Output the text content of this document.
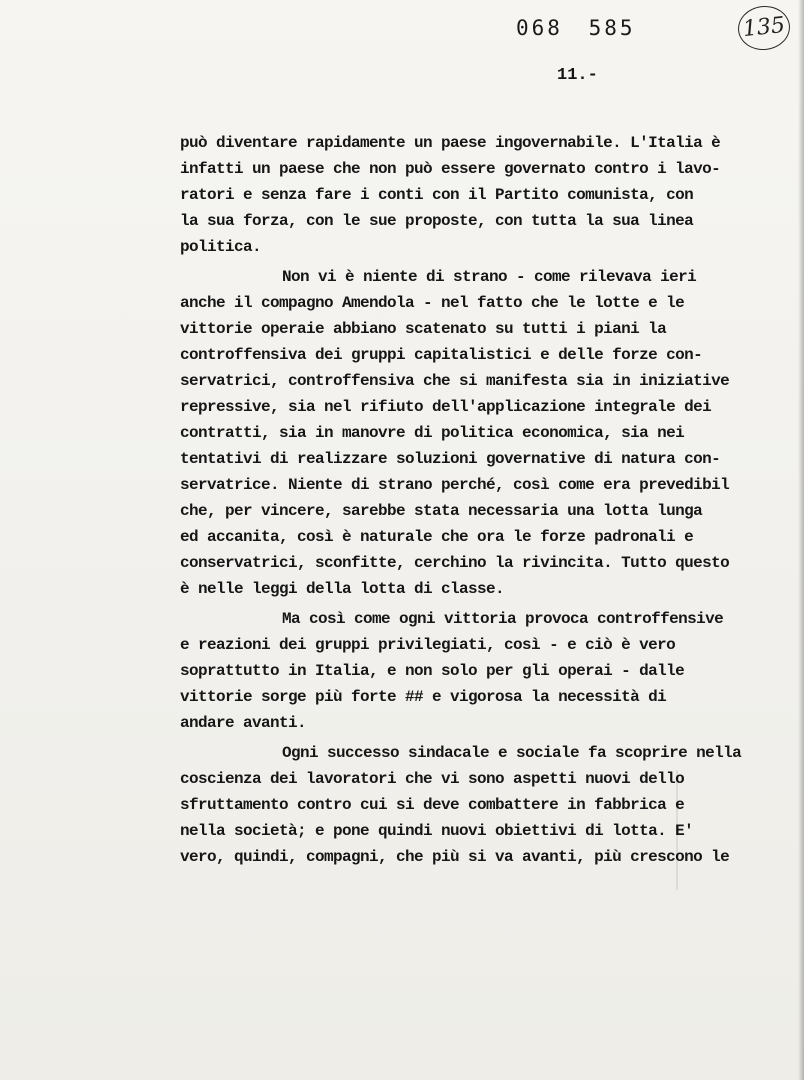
068 585	135
11.-
può diventare rapidamente un paese ingovernabile. L'Italia è
infatti un paese che non può essere governato contro i lavo-
ratori e senza fare i conti con il Partito comunista, con
la sua forza, con le sue proposte, con tutta la sua linea
politica.
Non vi è niente di strano - come rilevava ieri
anche il compagno Amendola - nel fatto che le lotte e le
vittorie operaie abbiano scatenato su tutti i piani la
controffensiva dei gruppi capitalistici e delle forze con-
servatrici, controffensiva che si manifesta sia in iniziative
repressive, sia nel rifiuto dell'applicazione integrale dei
contratti, sia in manovre di politica economica, sia nei
tentativi di realizzare soluzioni governative di natura con-
servatrice. Niente di strano perché, così come era prevedibil
che, per vincere, sarebbe stata necessaria una lotta lunga
ed accanita, così è naturale che ora le forze padronali e
conservatrici, sconfitte, cerchino la rivincita. Tutto questo
è nelle leggi della lotta di classe.
Ma così come ogni vittoria provoca controffensive
e reazioni dei gruppi privilegiati, così - e ciò è vero
soprattutto in Italia, e non solo per gli operai - dalle
vittorie sorge più forte ## e vigorosa la necessità di
andare avanti.
Ogni successo sindacale e sociale fa scoprire nella
coscienza dei lavoratori che vi sono aspetti nuovi dello
sfruttamento contro cui si deve combattere in fabbrica e
nella società; e pone quindi nuovi obiettivi di lotta. E'
vero, quindi, compagni, che più si va avanti, più crescono le
